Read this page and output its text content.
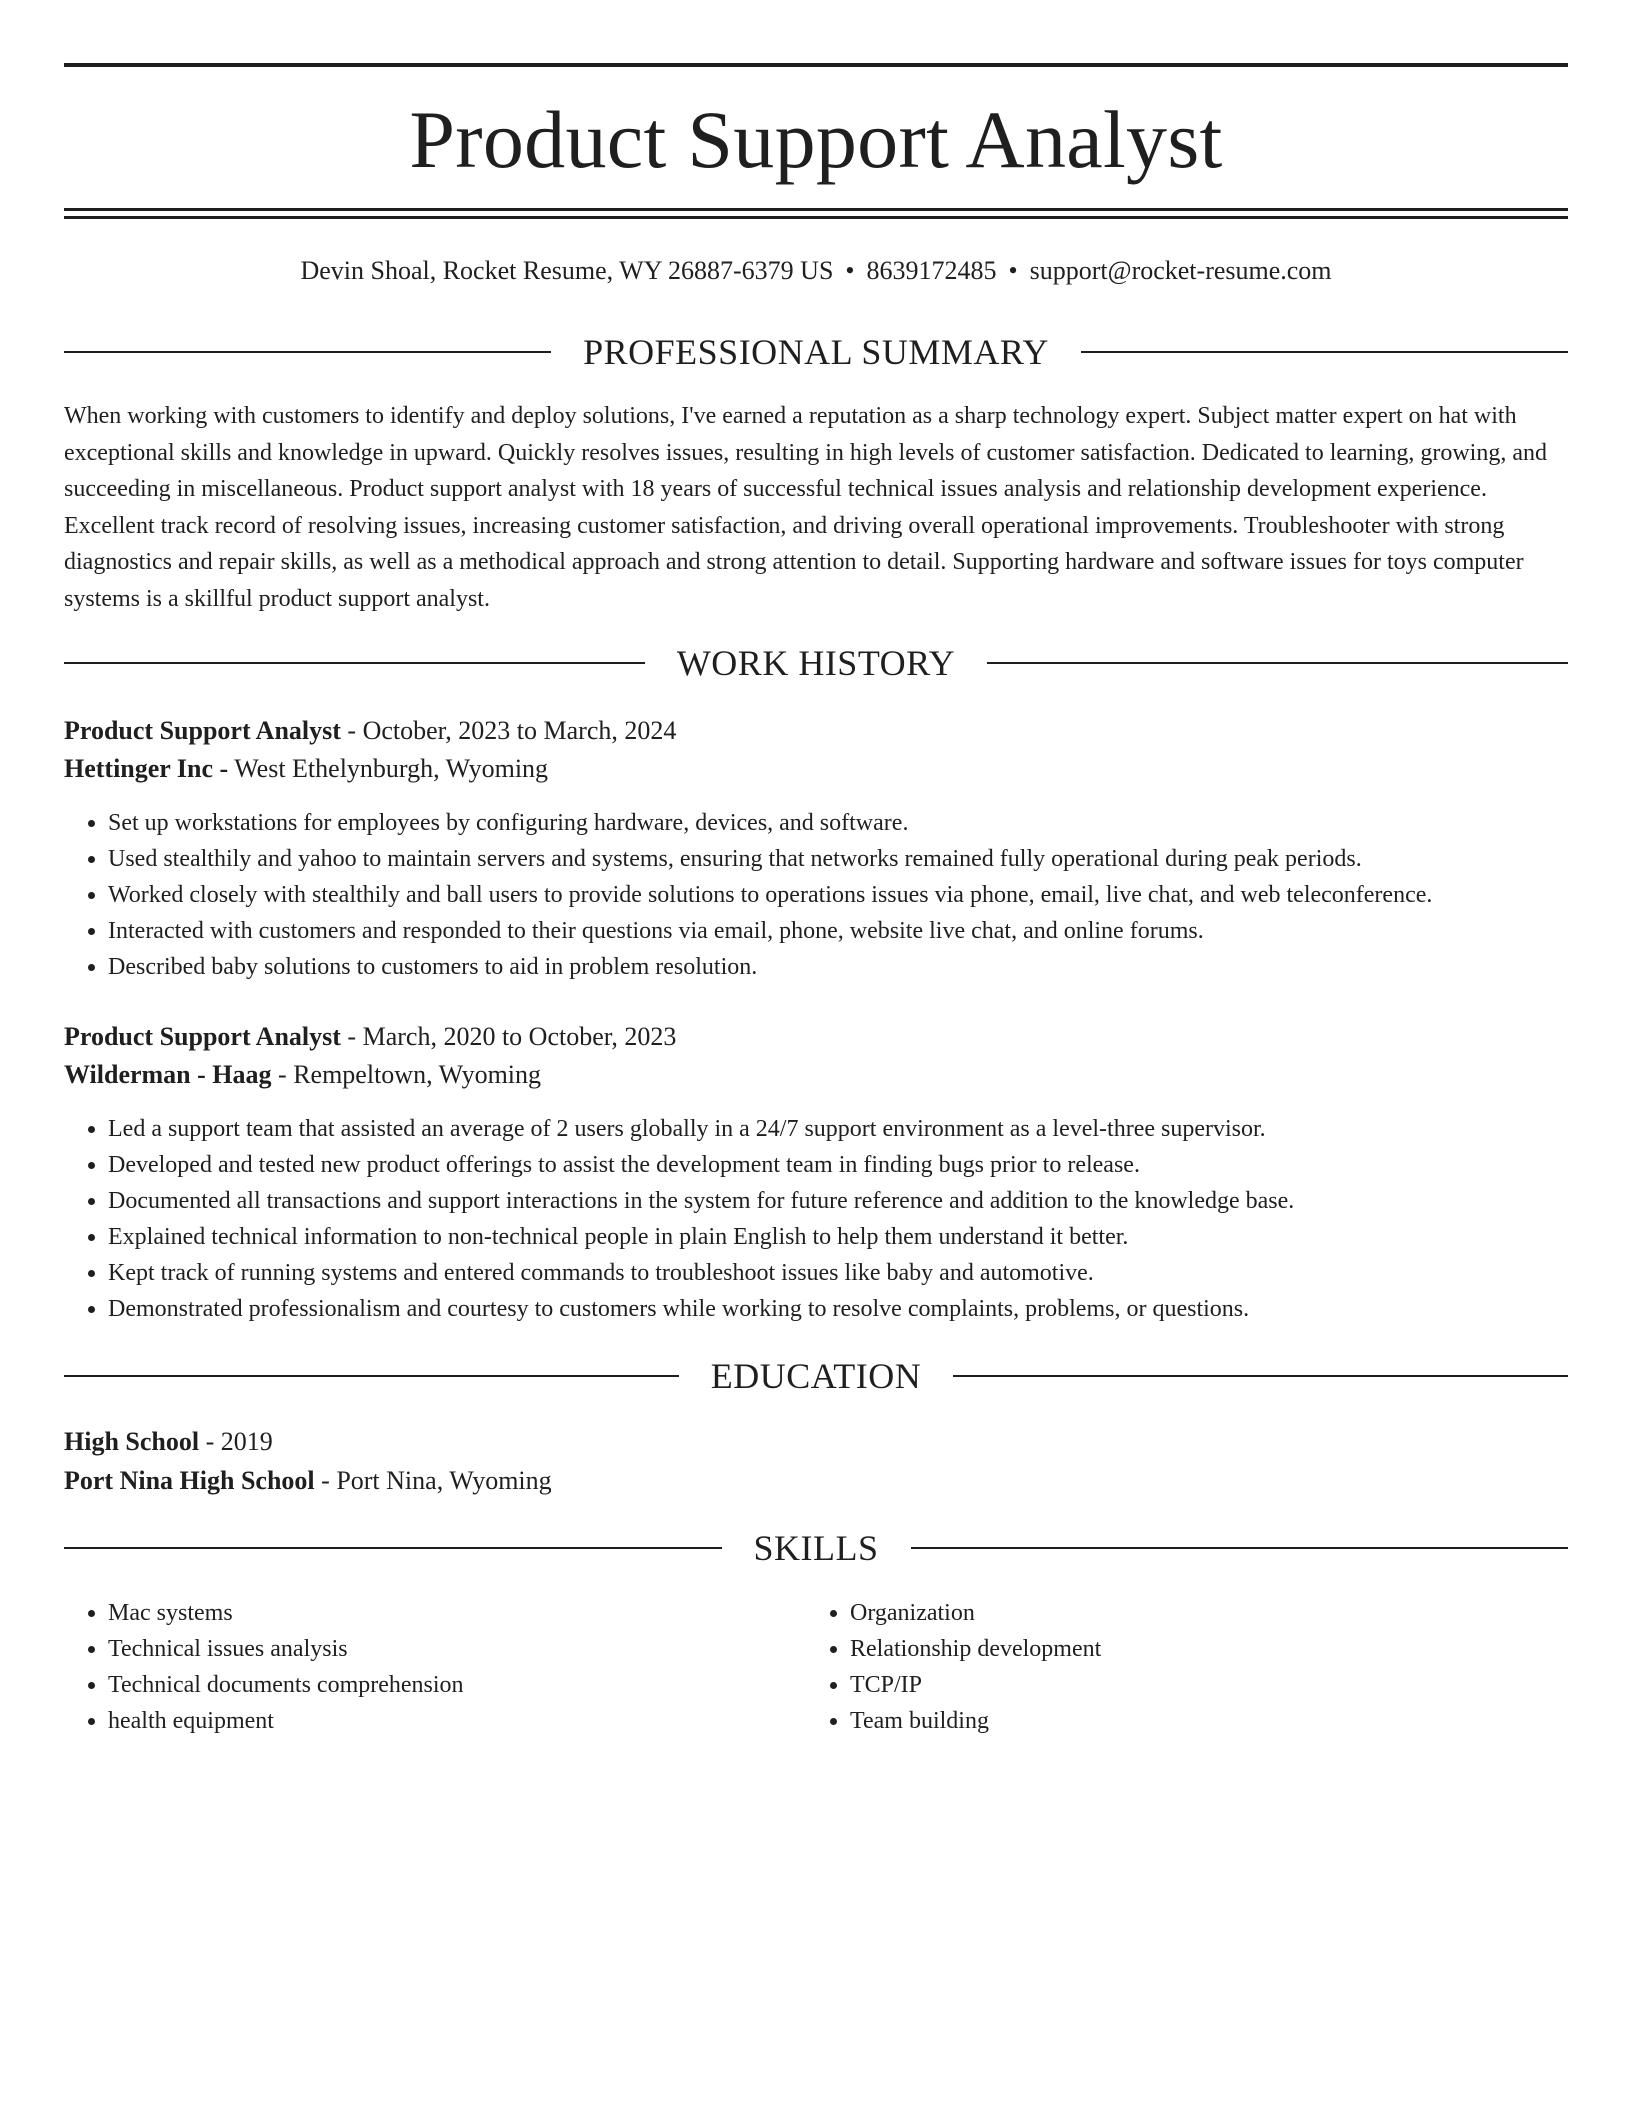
Product Support Analyst
Devin Shoal, Rocket Resume, WY 26887-6379 US • 8639172485 • support@rocket-resume.com
PROFESSIONAL SUMMARY

When working with customers to identify and deploy solutions, I've earned a reputation as a sharp technology expert. Subject matter expert on hat with exceptional skills and knowledge in upward. Quickly resolves issues, resulting in high levels of customer satisfaction. Dedicated to learning, growing, and succeeding in miscellaneous. Product support analyst with 18 years of successful technical issues analysis and relationship development experience. Excellent track record of resolving issues, increasing customer satisfaction, and driving overall operational improvements. Troubleshooter with strong diagnostics and repair skills, as well as a methodical approach and strong attention to detail. Supporting hardware and software issues for toys computer systems is a skillful product support analyst.

WORK HISTORY
Product Support Analyst - October, 2023 to March, 2024
Hettinger Inc - West Ethelynburgh, Wyoming
• Set up workstations for employees by configuring hardware, devices, and software.
• Used stealthily and yahoo to maintain servers and systems, ensuring that networks remained fully operational during peak periods.
• Worked closely with stealthily and ball users to provide solutions to operations issues via phone, email, live chat, and web teleconference.
• Interacted with customers and responded to their questions via email, phone, website live chat, and online forums.
• Described baby solutions to customers to aid in problem resolution.
Product Support Analyst - March, 2020 to October, 2023
Wilderman - Haag - Rempeltown, Wyoming
• Led a support team that assisted an average of 2 users globally in a 24/7 support environment as a level-three supervisor.
• Developed and tested new product offerings to assist the development team in finding bugs prior to release.
• Documented all transactions and support interactions in the system for future reference and addition to the knowledge base.
• Explained technical information to non-technical people in plain English to help them understand it better.
• Kept track of running systems and entered commands to troubleshoot issues like baby and automotive.
• Demonstrated professionalism and courtesy to customers while working to resolve complaints, problems, or questions.
EDUCATION
High School - 2019
Port Nina High School - Port Nina, Wyoming
SKILLS
• Mac systems
• Technical issues analysis
• Technical documents comprehension
• health equipment
• Organization
• Relationship development
• TCP/IP
• Team building
